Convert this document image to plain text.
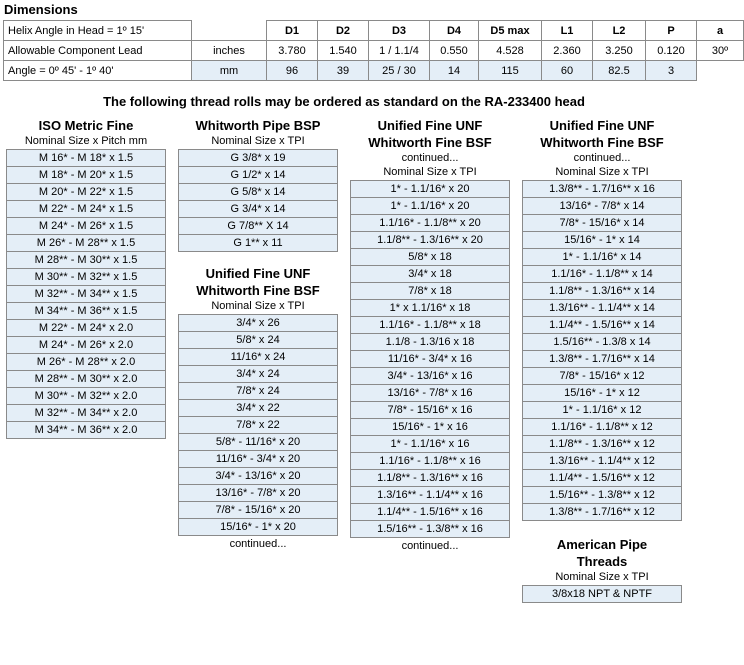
Dimensions
Helix Angle in Head = 1º 15'		D1	D2	D3	D4	D5 max	L1	L2	P	a
Allowable Component Lead	inches	3.780	1.540	1 / 1.1/4	0.550	4.528	2.360	3.250	0.120	30º
Angle = 0º 45' - 1º 40'	mm	96	39	25 / 30	14	115	60	82.5	3	
The following thread rolls may be ordered as standard on the RA-233400 head
ISO Metric Fine
Nominal Size x Pitch mm
M 16* - M 18* x 1.5
M 18* - M 20* x 1.5
M 20* - M 22* x 1.5
M 22* - M 24* x 1.5
M 24* - M 26* x 1.5
M 26* - M 28** x 1.5
M 28** - M 30** x 1.5
M 30** - M 32** x 1.5
M 32** - M 34** x 1.5
M 34** - M 36** x 1.5
M 22* - M 24* x 2.0
M 24* - M 26* x 2.0
M 26* - M 28** x 2.0
M 28** - M 30** x 2.0
M 30** - M 32** x 2.0
M 32** - M 34** x 2.0
M 34** - M 36** x 2.0
Whitworth Pipe BSP
Nominal Size x TPI
G 3/8* x 19
G 1/2* x 14
G 5/8* x 14
G 3/4* x 14
G 7/8** X 14
G 1** x 11
Unified Fine UNF
Whitworth Fine BSF
Nominal Size x TPI
3/4* x 26
5/8* x 24
11/16* x 24
3/4* x 24
7/8* x 24
3/4* x 22
7/8* x 22
5/8* - 11/16* x 20
11/16* - 3/4* x 20
3/4* - 13/16* x 20
13/16* - 7/8* x 20
7/8* - 15/16* x 20
15/16* - 1* x 20
continued...
Unified Fine UNF
Whitworth Fine BSF
continued...
Nominal Size x TPI
1* - 1.1/16* x 20
1* - 1.1/16* x 20
1.1/16* - 1.1/8** x 20
1.1/8** - 1.3/16** x 20
5/8* x 18
3/4* x 18
7/8* x 18
1* x 1.1/16* x 18
1.1/16* - 1.1/8** x 18
1.1/8 - 1.3/16 x 18
11/16* - 3/4* x 16
3/4* - 13/16* x 16
13/16* - 7/8* x 16
7/8* - 15/16* x 16
15/16* - 1* x 16
1* - 1.1/16* x 16
1.1/16* - 1.1/8** x 16
1.1/8** - 1.3/16** x 16
1.3/16** - 1.1/4** x 16
1.1/4** - 1.5/16** x 16
1.5/16** - 1.3/8** x 16
continued...
Unified Fine UNF
Whitworth Fine BSF
continued...
Nominal Size x TPI
1.3/8** - 1.7/16** x 16
13/16* - 7/8* x 14
7/8* - 15/16* x 14
15/16* - 1* x 14
1* - 1.1/16* x 14
1.1/16* - 1.1/8** x 14
1.1/8** - 1.3/16** x 14
1.3/16** - 1.1/4** x 14
1.1/4** - 1.5/16** x 14
1.5/16** - 1.3/8 x 14
1.3/8** - 1.7/16** x 14
7/8* - 15/16* x 12
15/16* - 1* x 12
1* - 1.1/16* x 12
1.1/16* - 1.1/8** x 12
1.1/8** - 1.3/16** x 12
1.3/16** - 1.1/4** x 12
1.1/4** - 1.5/16** x 12
1.5/16** - 1.3/8** x 12
1.3/8** - 1.7/16** x 12
American Pipe
Threads
Nominal Size x TPI
3/8x18 NPT & NPTF
